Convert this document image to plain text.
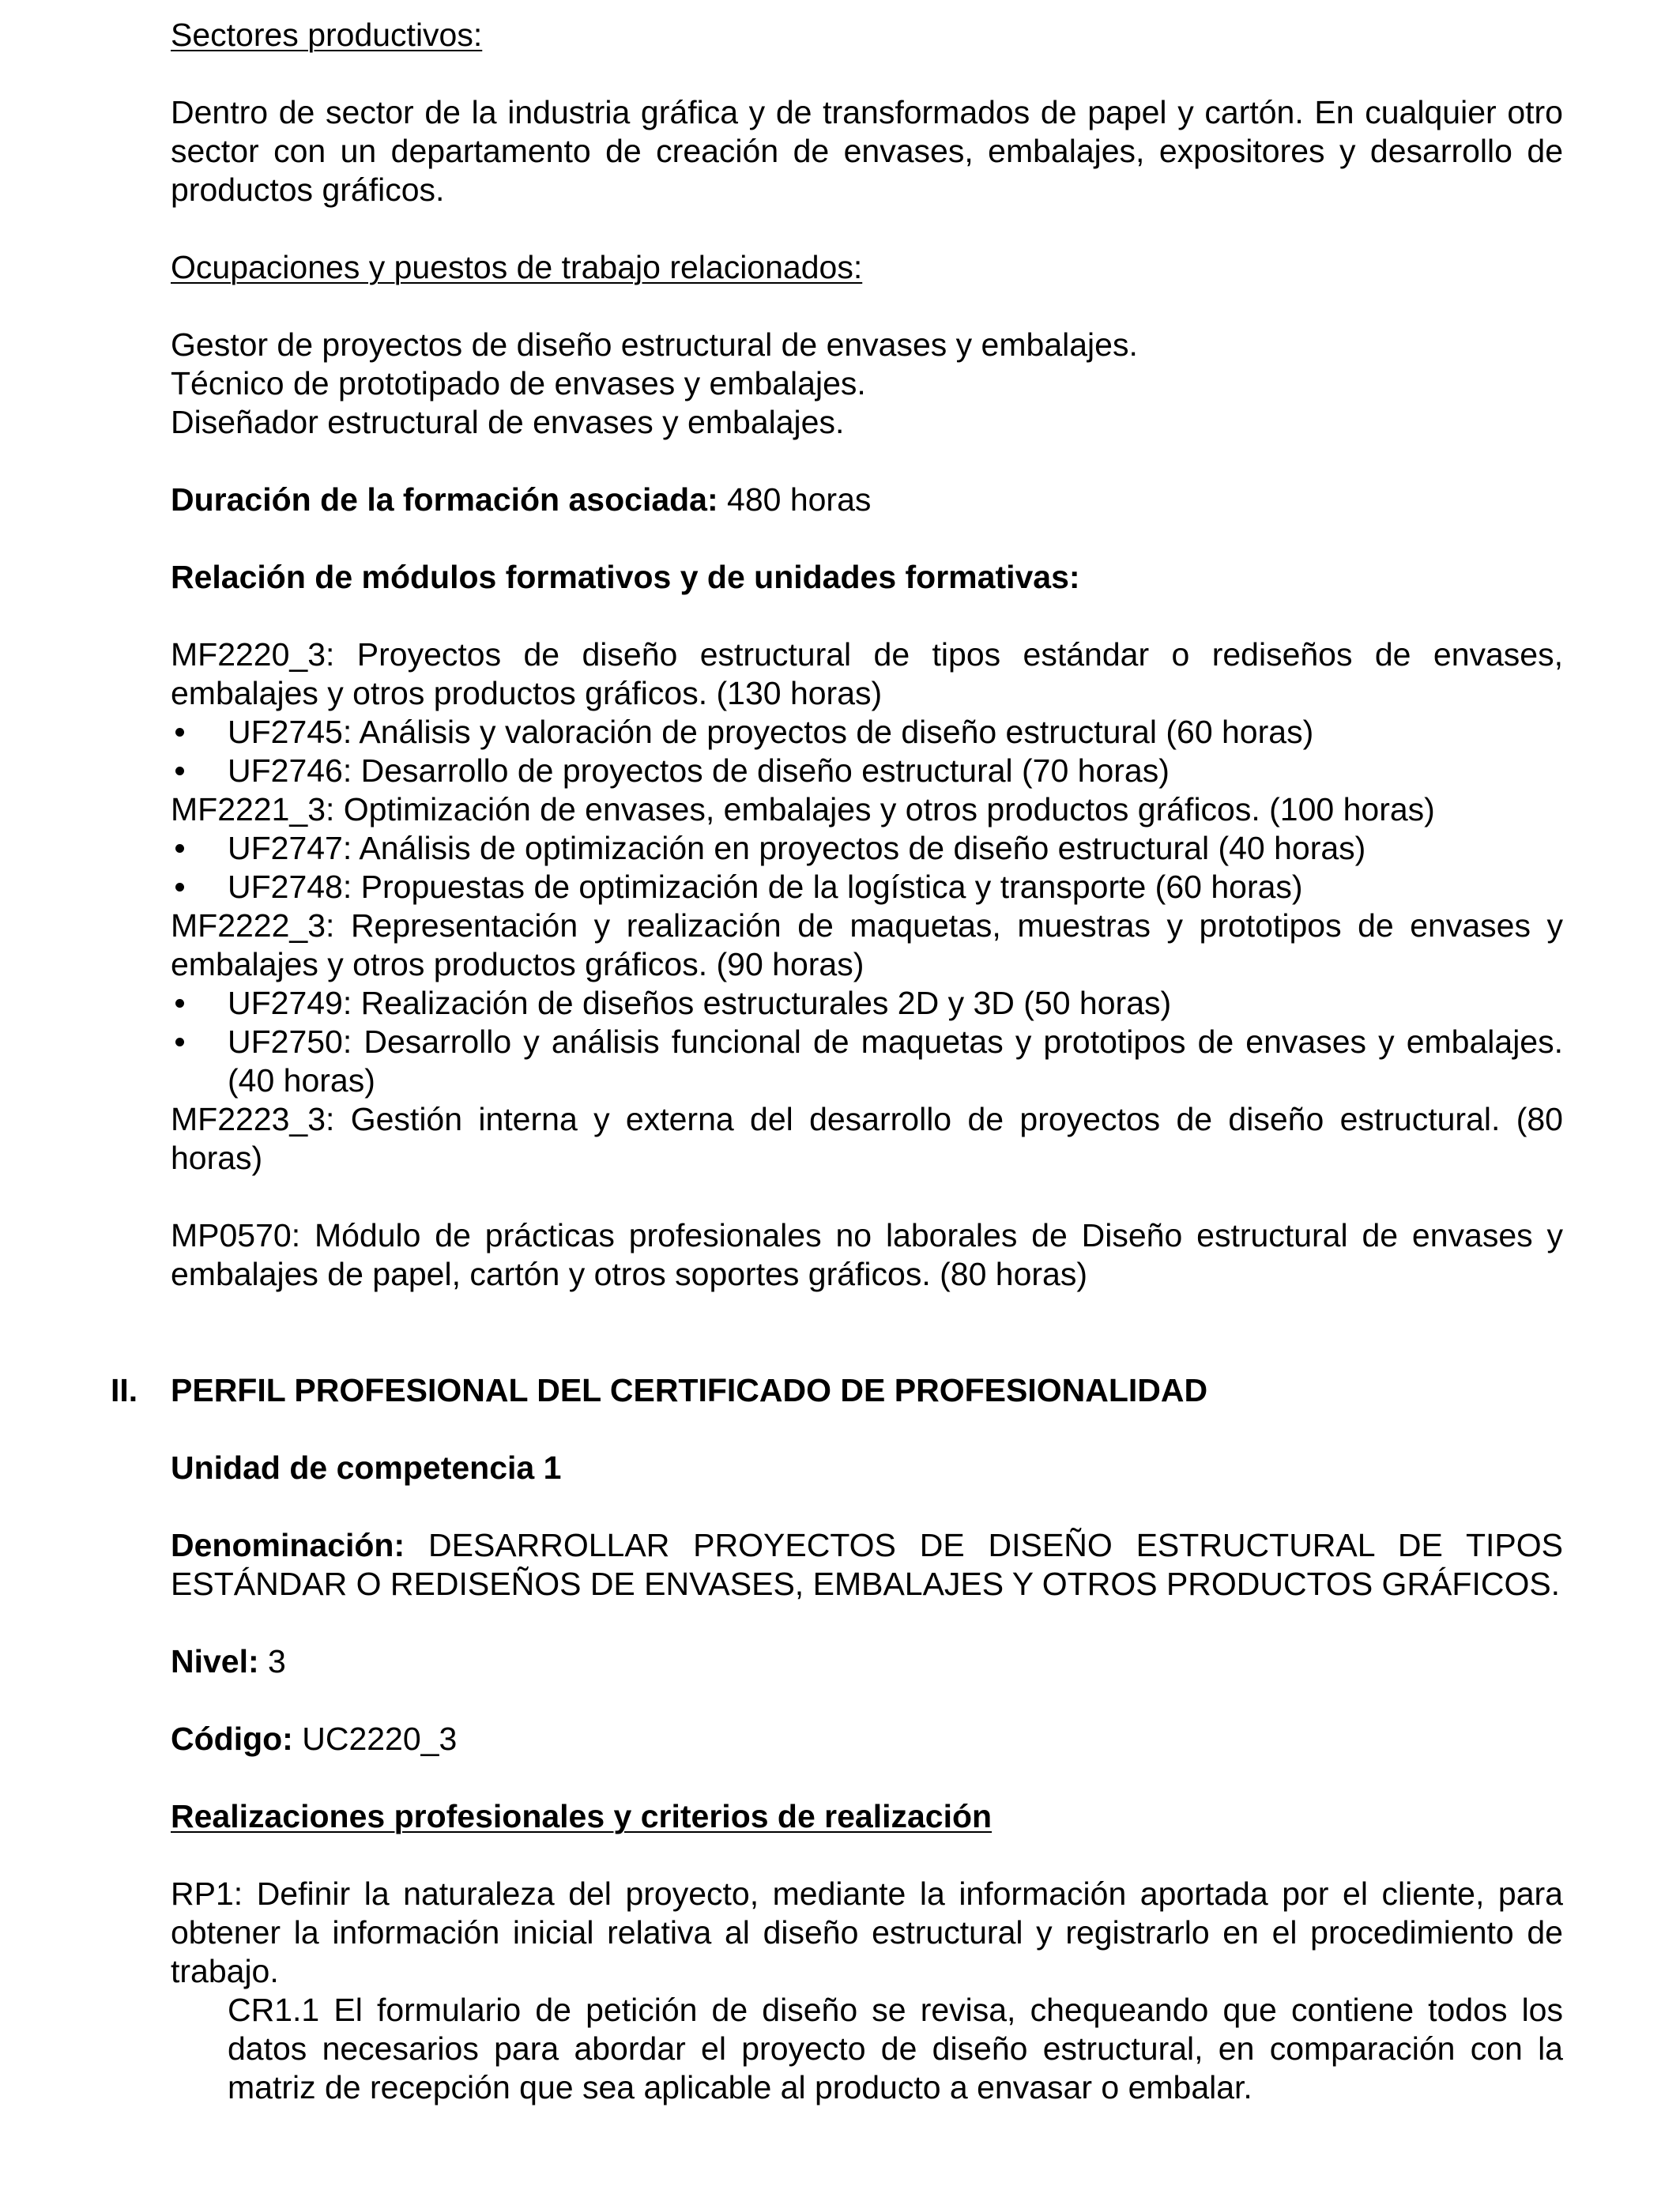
Sectores productivos:

Dentro de sector de la industria gráfica y de transformados de papel y cartón. En cualquier otro sector con un departamento de creación de envases, embalajes, expositores y desarrollo de productos gráficos.

Ocupaciones y puestos de trabajo relacionados:

Gestor de proyectos de diseño estructural de envases y embalajes.

Técnico de prototipado de envases y embalajes.

Diseñador estructural de envases y embalajes.

Duración de la formación asociada: 480 horas

Relación de módulos formativos y de unidades formativas:

MF2220_3: Proyectos de diseño estructural de tipos estándar o rediseños de envases, embalajes y otros productos gráficos. (130 horas)

UF2745: Análisis y valoración de proyectos de diseño estructural (60 horas)

UF2746: Desarrollo de proyectos de diseño estructural (70 horas)

MF2221_3: Optimización de envases, embalajes y otros productos gráficos. (100 horas)

UF2747: Análisis de optimización en proyectos de diseño estructural (40 horas)

UF2748: Propuestas de optimización de la logística y transporte (60 horas)

MF2222_3: Representación y realización de maquetas, muestras y prototipos de envases y embalajes y otros productos gráficos. (90 horas)

UF2749: Realización de diseños estructurales 2D y 3D (50 horas)

UF2750: Desarrollo y análisis funcional de maquetas y prototipos de envases y embalajes. (40 horas)

MF2223_3: Gestión interna y externa del desarrollo de proyectos de diseño estructural. (80 horas)

MP0570: Módulo de prácticas profesionales no laborales de Diseño estructural de envases y embalajes de papel, cartón y otros soportes gráficos. (80 horas)

II. PERFIL PROFESIONAL DEL CERTIFICADO DE PROFESIONALIDAD

Unidad de competencia 1

Denominación: DESARROLLAR PROYECTOS DE DISEÑO ESTRUCTURAL DE TIPOS ESTÁNDAR O REDISEÑOS DE ENVASES, EMBALAJES Y OTROS PRODUCTOS GRÁFICOS.

Nivel: 3

Código: UC2220_3

Realizaciones profesionales y criterios de realización

RP1: Definir la naturaleza del proyecto, mediante la información aportada por el cliente, para obtener la información inicial relativa al diseño estructural y registrarlo en el procedimiento de trabajo.

CR1.1 El formulario de petición de diseño se revisa, chequeando que contiene todos los datos necesarios para abordar el proyecto de diseño estructural, en comparación con la matriz de recepción que sea aplicable al producto a envasar o embalar.
